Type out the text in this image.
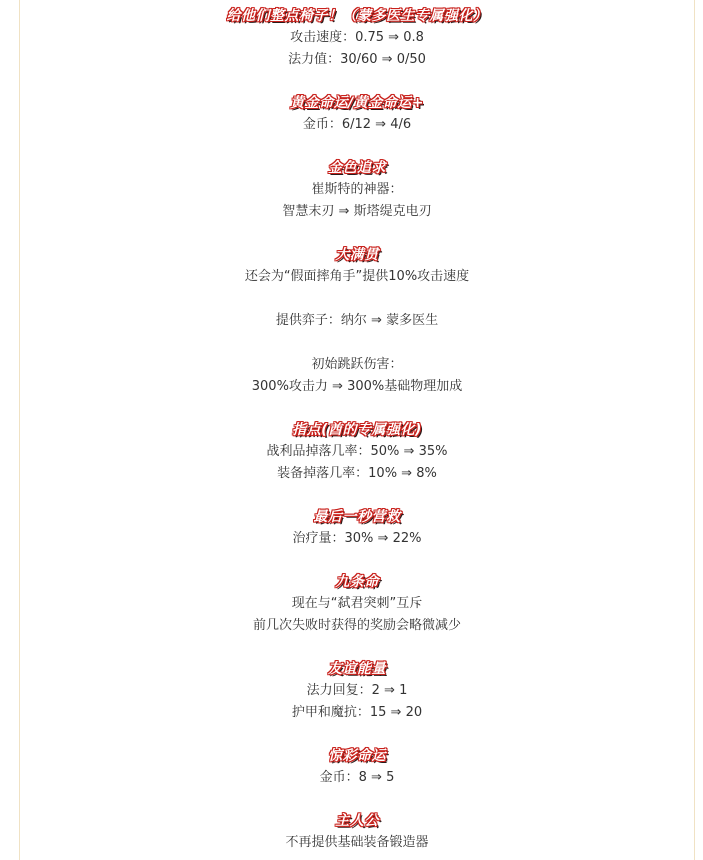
给他们整点椅子！（蒙多医生专属强化）
攻击速度：0.75 ⇒ 0.8
法力值：30/60 ⇒ 0/50
黄金命运/黄金命运+
金币：6/12 ⇒ 4/6
金色追求
崔斯特的神器：
智慧末刃 ⇒ 斯塔缇克电刃
大满贯
还会为“假面摔角手”提供10%攻击速度
提供弈子：纳尔 ⇒ 蒙多医生
初始跳跃伤害：
300%攻击力 ⇒ 300%基础物理加成
指点(酋的专属强化)
战利品掉落几率：50% ⇒ 35%
装备掉落几率：10% ⇒ 8%
最后一秒营救
治疗量：30% ⇒ 22%
九条命
现在与“弑君突刺”互斥
前几次失败时获得的奖励会略微减少
友谊能量
法力回复：2 ⇒ 1
护甲和魔抗：15 ⇒ 20
惊彩命运
金币：8 ⇒ 5
主人公
不再提供基础装备锻造器
